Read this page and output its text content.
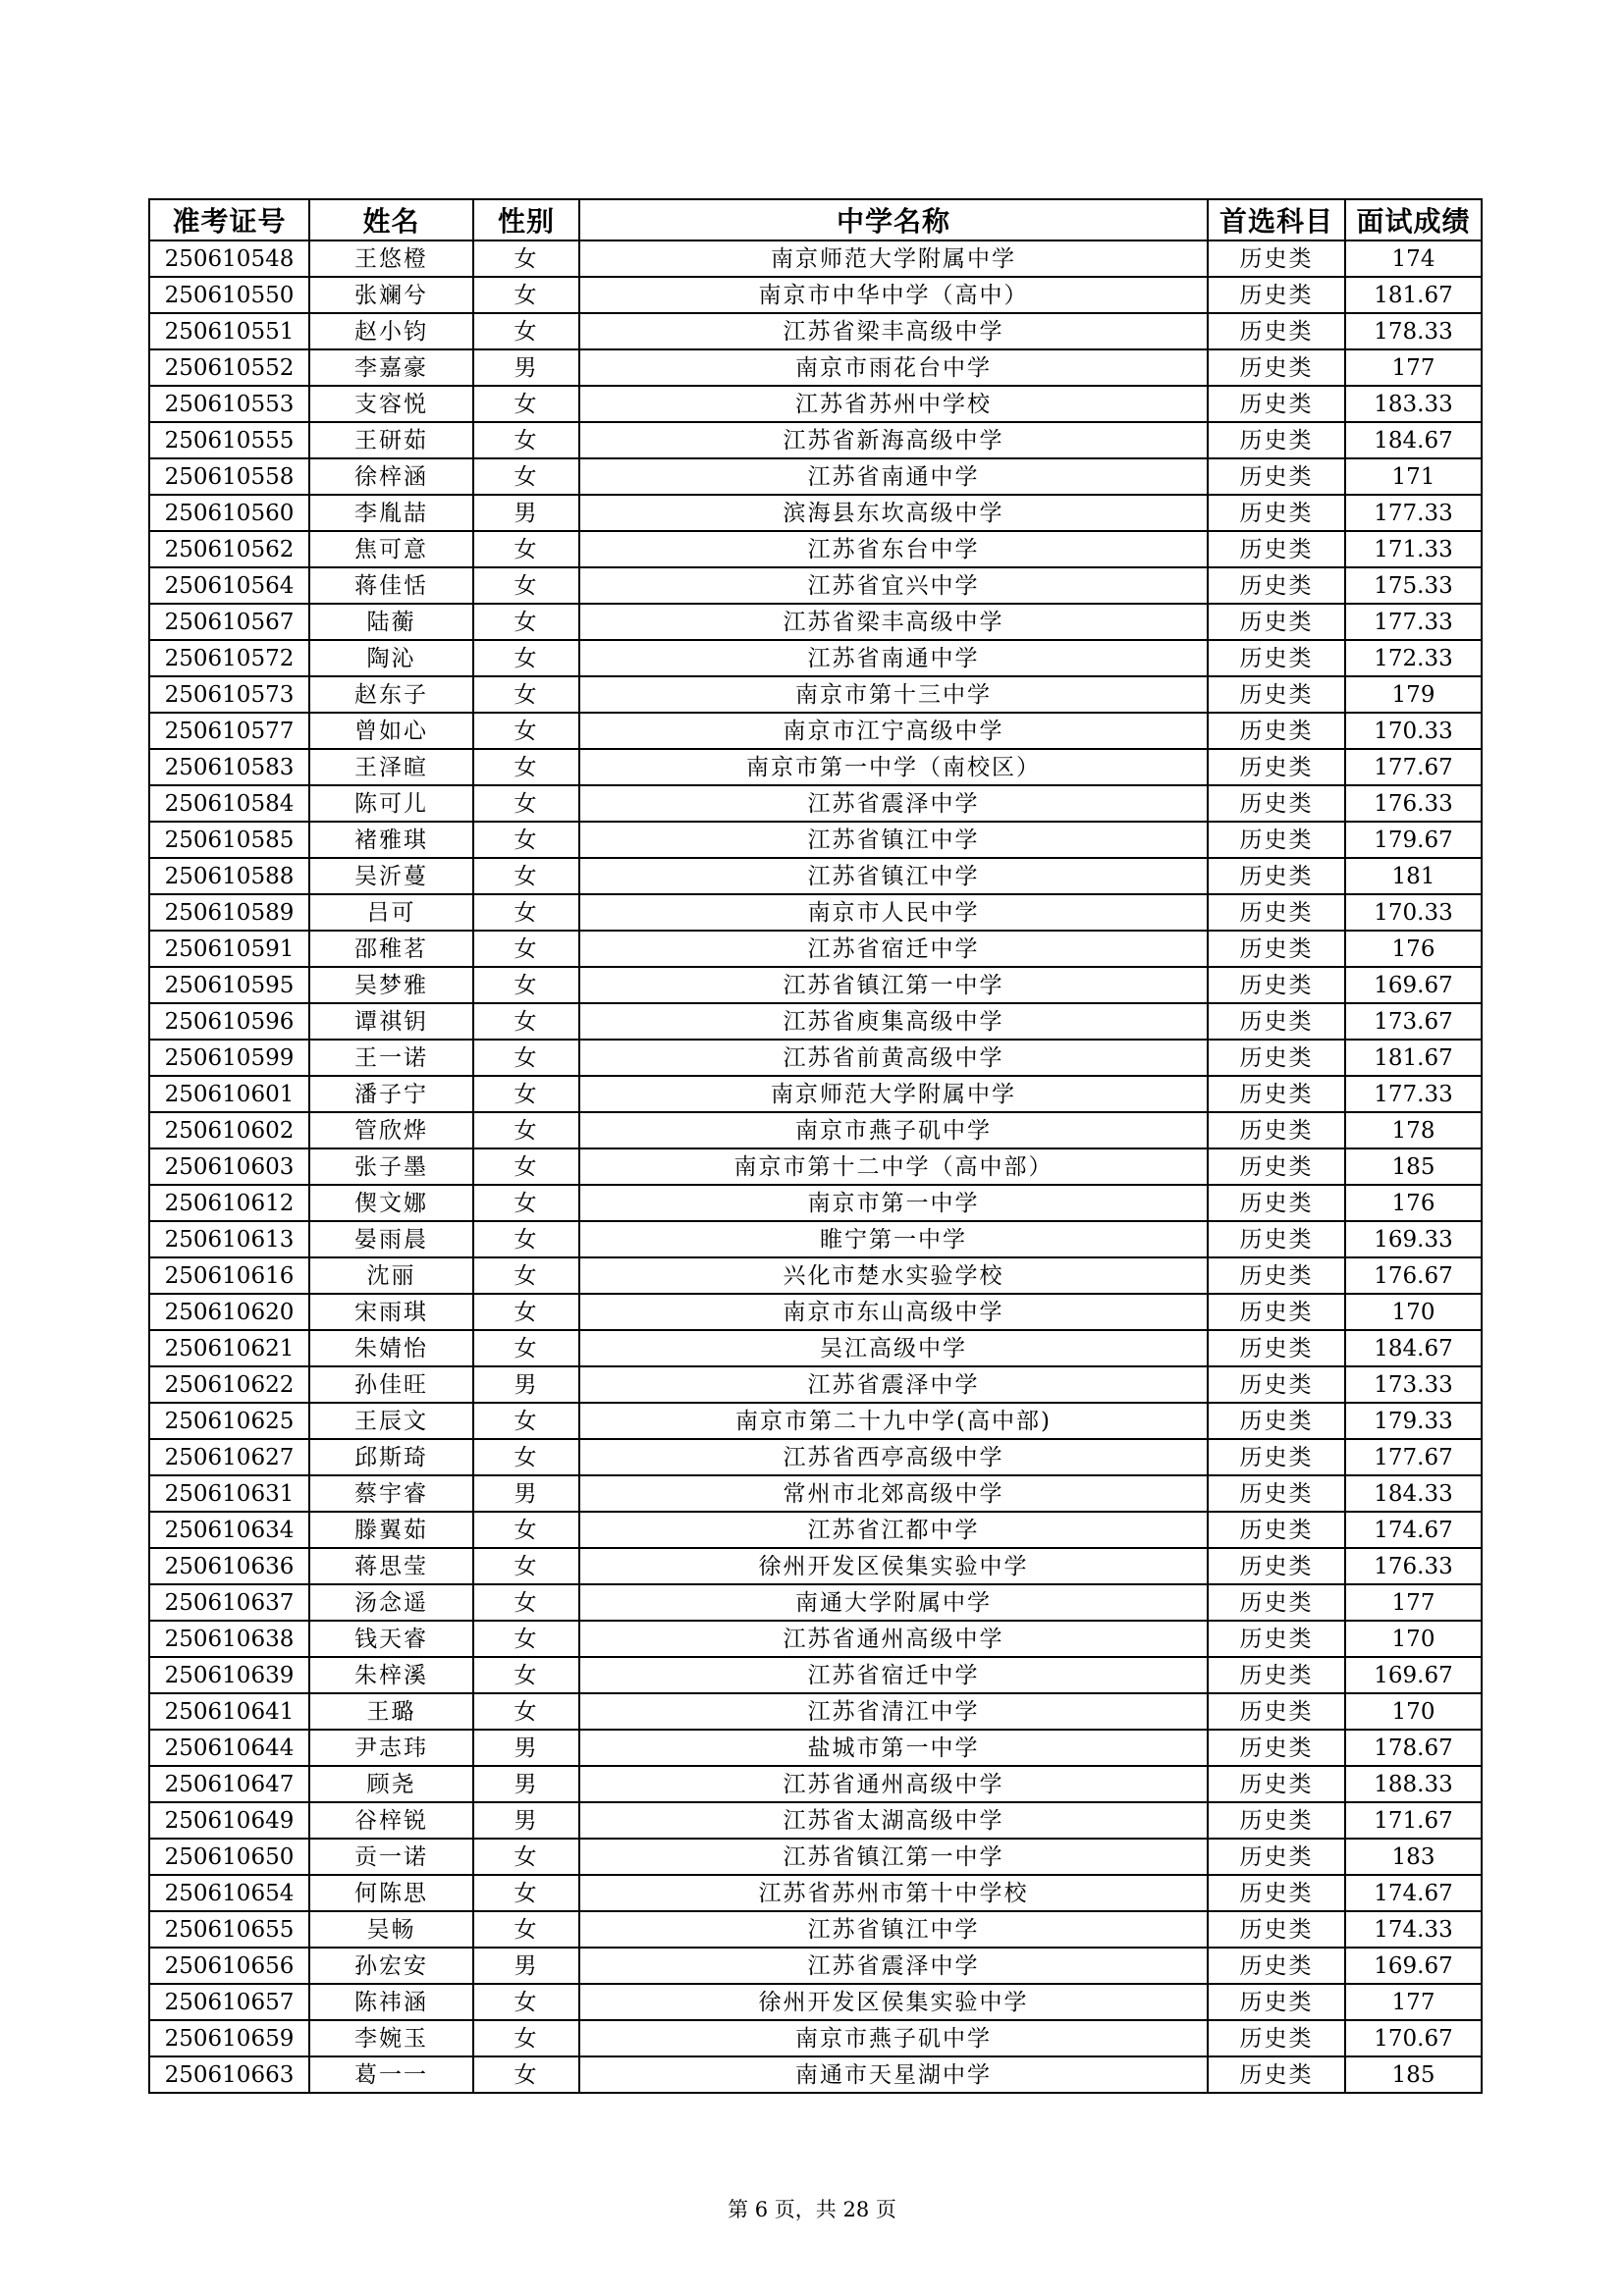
准考证号	姓名	性别	中学名称	首选科目	面试成绩
250610548	王悠橙	女	南京师范大学附属中学	历史类	174
250610550	张斓兮	女	南京市中华中学（高中）	历史类	181.67
250610551	赵小钧	女	江苏省梁丰高级中学	历史类	178.33
250610552	李嘉豪	男	南京市雨花台中学	历史类	177
250610553	支容悦	女	江苏省苏州中学校	历史类	183.33
250610555	王研茹	女	江苏省新海高级中学	历史类	184.67
250610558	徐梓涵	女	江苏省南通中学	历史类	171
250610560	李胤喆	男	滨海县东坎高级中学	历史类	177.33
250610562	焦可意	女	江苏省东台中学	历史类	171.33
250610564	蒋佳恬	女	江苏省宜兴中学	历史类	175.33
250610567	陆蘅	女	江苏省梁丰高级中学	历史类	177.33
250610572	陶沁	女	江苏省南通中学	历史类	172.33
250610573	赵东子	女	南京市第十三中学	历史类	179
250610577	曾如心	女	南京市江宁高级中学	历史类	170.33
250610583	王泽暄	女	南京市第一中学（南校区）	历史类	177.67
250610584	陈可儿	女	江苏省震泽中学	历史类	176.33
250610585	褚雅琪	女	江苏省镇江中学	历史类	179.67
250610588	吴沂蔓	女	江苏省镇江中学	历史类	181
250610589	吕可	女	南京市人民中学	历史类	170.33
250610591	邵稚茗	女	江苏省宿迁中学	历史类	176
250610595	吴梦雅	女	江苏省镇江第一中学	历史类	169.67
250610596	谭祺钥	女	江苏省庾集高级中学	历史类	173.67
250610599	王一诺	女	江苏省前黄高级中学	历史类	181.67
250610601	潘子宁	女	南京师范大学附属中学	历史类	177.33
250610602	管欣烨	女	南京市燕子矶中学	历史类	178
250610603	张子墨	女	南京市第十二中学（高中部）	历史类	185
250610612	偰文娜	女	南京市第一中学	历史类	176
250610613	晏雨晨	女	睢宁第一中学	历史类	169.33
250610616	沈丽	女	兴化市楚水实验学校	历史类	176.67
250610620	宋雨琪	女	南京市东山高级中学	历史类	170
250610621	朱婧怡	女	吴江高级中学	历史类	184.67
250610622	孙佳旺	男	江苏省震泽中学	历史类	173.33
250610625	王辰文	女	南京市第二十九中学(高中部)	历史类	179.33
250610627	邱斯琦	女	江苏省西亭高级中学	历史类	177.67
250610631	蔡宇睿	男	常州市北郊高级中学	历史类	184.33
250610634	滕翼茹	女	江苏省江都中学	历史类	174.67
250610636	蒋思莹	女	徐州开发区侯集实验中学	历史类	176.33
250610637	汤念遥	女	南通大学附属中学	历史类	177
250610638	钱天睿	女	江苏省通州高级中学	历史类	170
250610639	朱梓溪	女	江苏省宿迁中学	历史类	169.67
250610641	王璐	女	江苏省清江中学	历史类	170
250610644	尹志玮	男	盐城市第一中学	历史类	178.67
250610647	顾尧	男	江苏省通州高级中学	历史类	188.33
250610649	谷梓锐	男	江苏省太湖高级中学	历史类	171.67
250610650	贡一诺	女	江苏省镇江第一中学	历史类	183
250610654	何陈思	女	江苏省苏州市第十中学校	历史类	174.67
250610655	吴畅	女	江苏省镇江中学	历史类	174.33
250610656	孙宏安	男	江苏省震泽中学	历史类	169.67
250610657	陈祎涵	女	徐州开发区侯集实验中学	历史类	177
250610659	李婉玉	女	南京市燕子矶中学	历史类	170.67
250610663	葛一一	女	南通市天星湖中学	历史类	185
第 6 页，共 28 页
